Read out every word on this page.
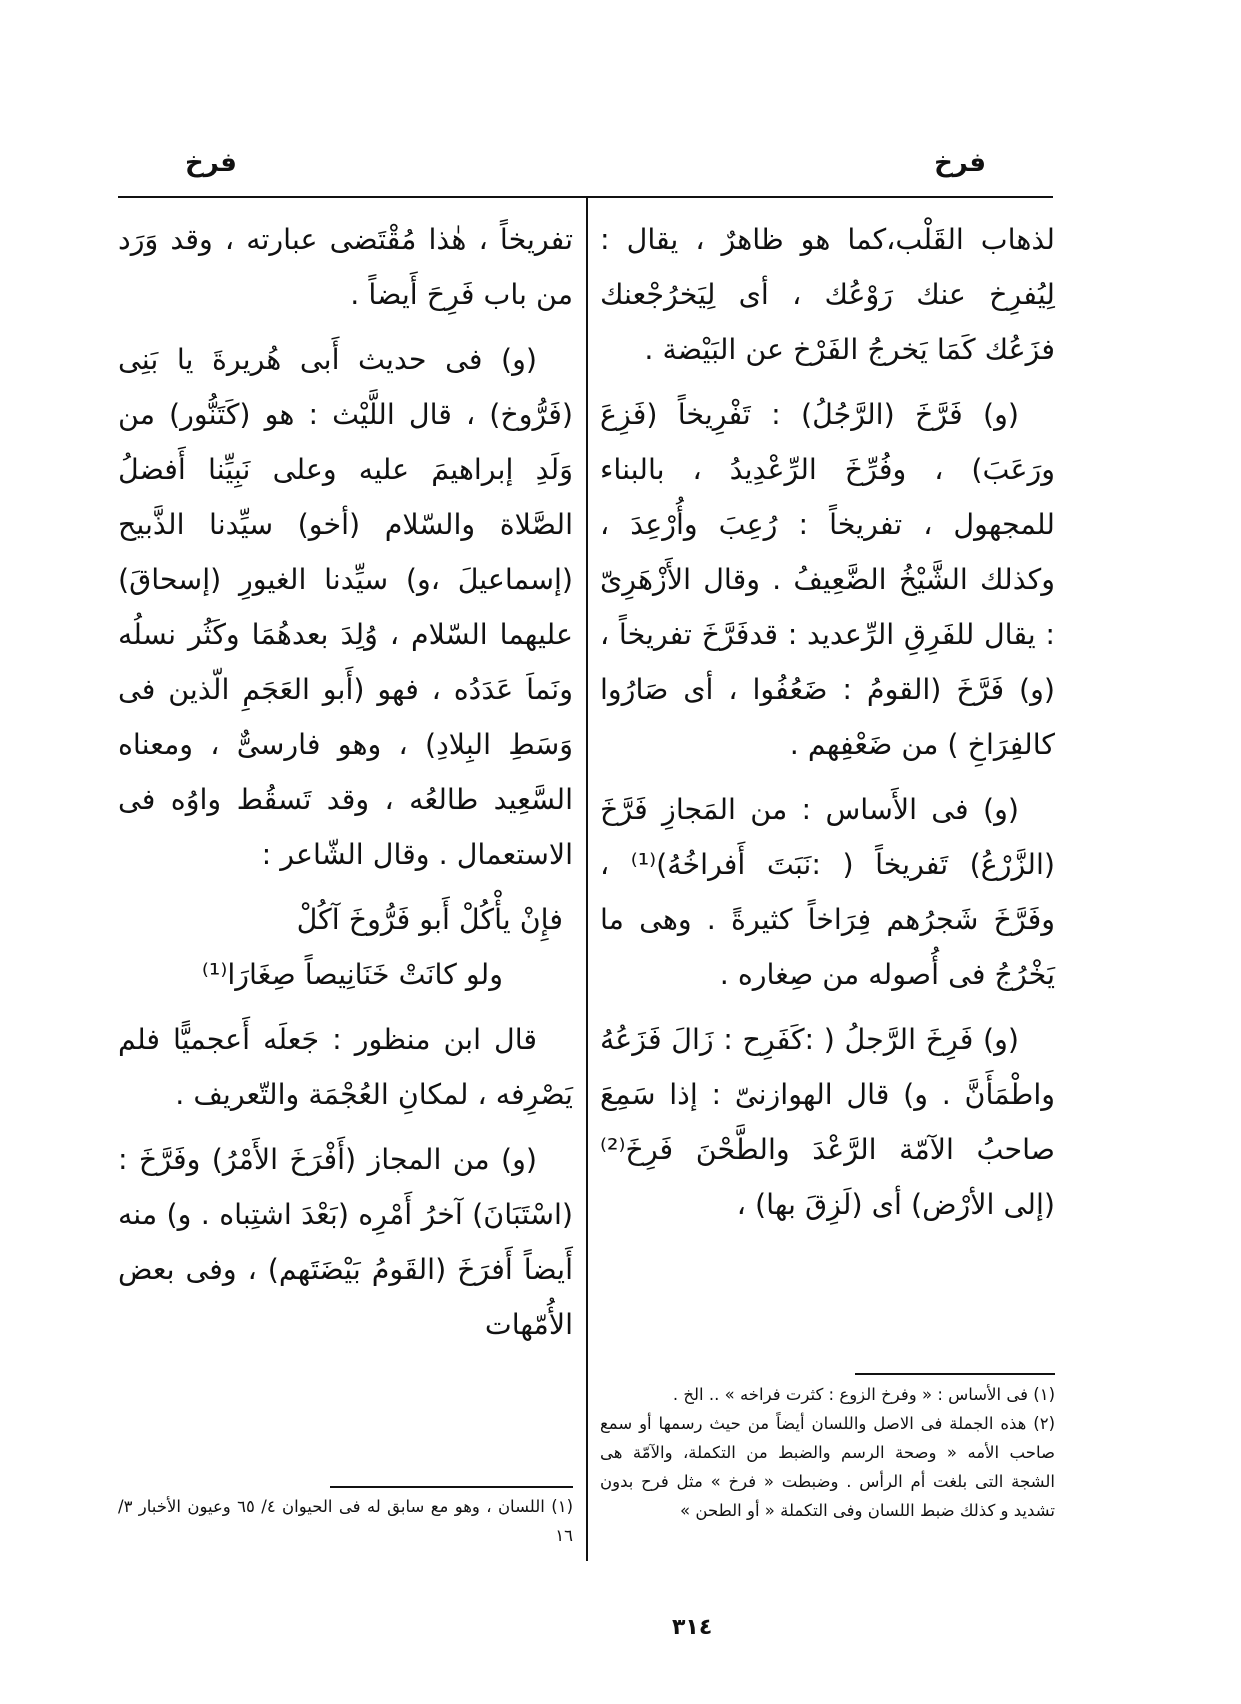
فرخ
فرخ

لذهاب القَلْب،كما هو ظاهرٌ ، يقال : لِيُفرِخ عنك رَوْعُك ، أى لِيَخرُجْعنك فزَعُك كَمَا يَخرجُ الفَرْخ عن البَيْضة .

(و) فَرَّخَ (الرَّجُلُ) : تَفْرِيخاً (فَزِعَ ورَعَبَ) ، وفُرِّخَ الرِّعْدِيدُ ، بالبناء للمجهول ، تفريخاً : رُعِبَ وأُرْعِدَ ، وكذلك الشَّيْخُ الضَّعِيفُ . وقال الأَزْهَرِىّ : يقال للفَرِقِ الرِّعديد : قدفَرَّخَ تفريخاً ، (و) فَرَّخَ (القومُ : ضَعُفُوا ، أى صَارُوا كالفِرَاخِ ) من ضَعْفِهم .

(و) فى الأَساس : من المَجازِ فَرَّخَ (الزَّرْعُ) تَفريخاً ( :نَبَتَ أَفراخُهُ)⁽¹⁾ ، وفَرَّخَ شَجرُهم فِرَاخاً كثيرةً . وهى ما يَخْرُجُ فى أُصوله من صِغاره .

(و) فَرِخَ الرَّجلُ ( :كَفَرِح : زَالَ فَزَعُهُ واطْمَأَنَّ . و) قال الهوازنىّ : إذا سَمِعَ صاحبُ الآمّة الرَّعْدَ والطَّحْنَ فَرِخَ⁽²⁾ (إلى الأرْض) أى (لَزِقَ بها) ،

(١) فى الأساس : « وفرخ الزوع : كثرت فراخه » .. الخ .
(٢) هذه الجملة فى الاصل واللسان أيضاً من حيث رسمها أو سمع صاحب الأمه « وصحة الرسم والضبط من التكملة، والآمّة هى الشجة التى بلغت أم الرأس . وضبطت « فرخ » مثل فرح بدون تشديد و كذلك ضبط اللسان وفى التكملة « أو الطحن »

تفريخاً ، هٰذا مُقْتَضى عبارته ، وقد وَرَد من باب فَرِحَ أَيضاً .

(و) فى حديث أَبى هُريرةَ يا بَنِى (فَرُّوخ) ، قال اللَّيْث : هو (كَتَنُّور) من وَلَدِ إبراهيمَ عليه وعلى نَبِيِّنا أَفضلُ الصَّلاة والسّلام (أخو) سيِّدنا الذَّبيح (إسماعيلَ ،و) سيِّدنا الغيورِ (إسحاقَ) عليهما السّلام ، وُلِدَ بعدهُمَا وكَثُر نسلُه ونَماَ عَدَدُه ، فهو (أَبو العَجَمِ الّذين فى وَسَطِ البِلادِ) ، وهو فارسىٌّ ، ومعناه السَّعِيد طالعُه ، وقد تَسقُط واوُه فى الاستعمال . وقال الشّاعر :

فإِنْ يأْكُلْ أَبو فَرُّوخَ آكُلْ
ولو كانَتْ خَنَانِيصاً صِغَارَا⁽¹⁾

قال ابن منظور : جَعلَه أَعجميًّا فلم يَصْرِفه ، لمكانِ العُجْمَة والتّعريف .

(و) من المجاز (أَفْرَخَ الأَمْرُ) وفَرَّخَ : (اسْتَبَانَ) آخرُ أَمْرِه (بَعْدَ اشتِباه . و) منه أَيضاً أَفرَخَ (القَومُ بَيْضَتَهم) ، وفى بعض الأُمّهات

(١) اللسان ، وهو مع سابق له فى الحيوان ٤/ ٦٥ وعيون الأخبار ٣/ ١٦
٣١٤
